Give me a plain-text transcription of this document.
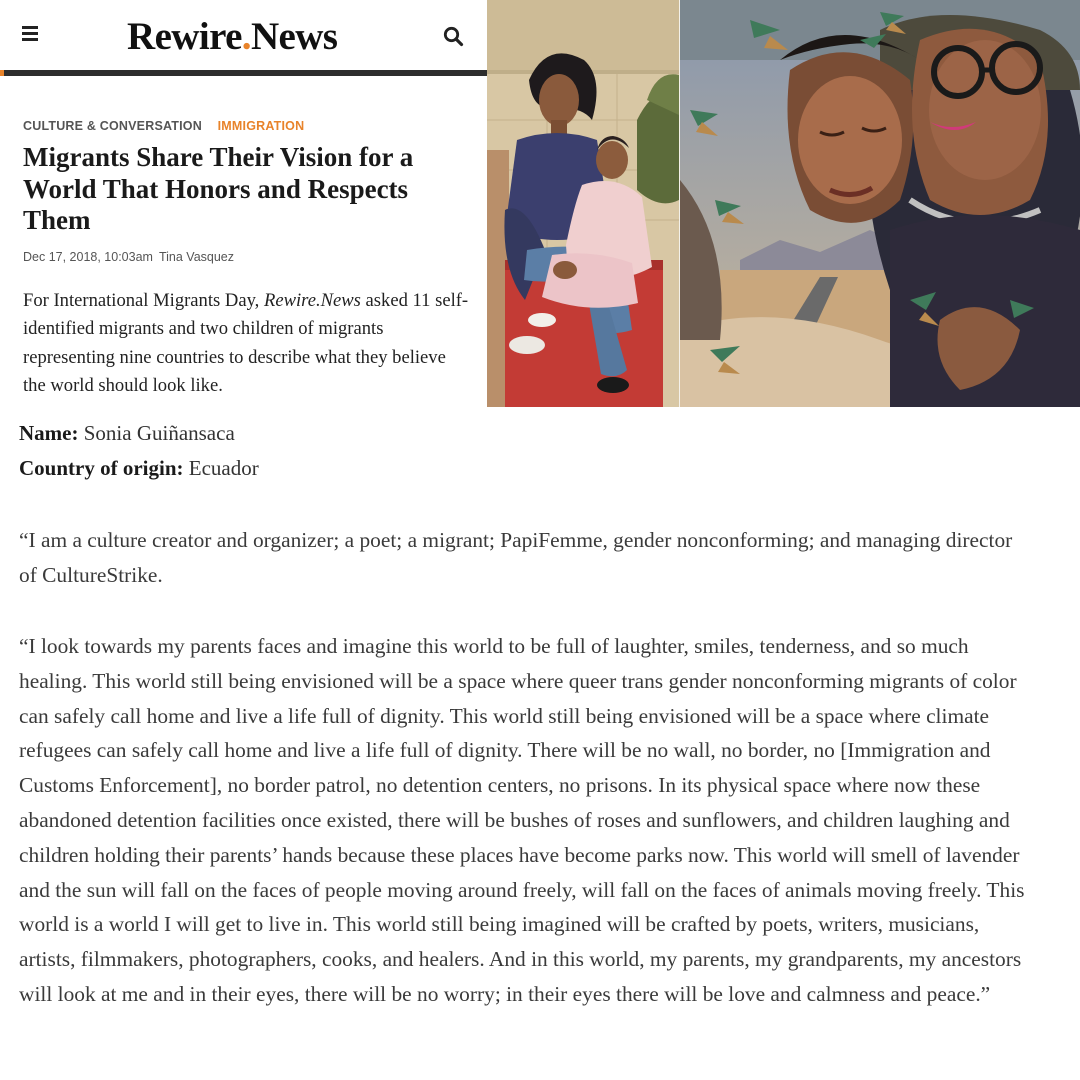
Rewire.News
CULTURE & CONVERSATION IMMIGRATION
Migrants Share Their Vision for a World That Honors and Respects Them
Dec 17, 2018, 10:03am Tina Vasquez

For International Migrants Day, Rewire.News asked 11 self-identified migrants and two children of migrants representing nine countries to describe what they believe the world should look like.

Name: Sonia Guiñansaca
Country of origin: Ecuador

“I am a culture creator and organizer; a poet; a migrant; PapiFemme, gender nonconforming; and managing director of CultureStrike.

“I look towards my parents faces and imagine this world to be full of laughter, smiles, tenderness, and so much healing. This world still being envisioned will be a space where queer trans gender nonconforming migrants of color can safely call home and live a life full of dignity. This world still being envisioned will be a space where climate refugees can safely call home and live a life full of dignity. There will be no wall, no border, no [Immigration and Customs Enforcement], no border patrol, no detention centers, no prisons. In its physical space where now these abandoned detention facilities once existed, there will be bushes of roses and sunflowers, and children laughing and children holding their parents’ hands because these places have become parks now. This world will smell of lavender and the sun will fall on the faces of people moving around freely, will fall on the faces of animals moving freely. This world is a world I will get to live in. This world still being imagined will be crafted by poets, writers, musicians, artists, filmmakers, photographers, cooks, and healers. And in this world, my parents, my grandparents, my ancestors will look at me and in their eyes, there will be no worry; in their eyes there will be love and calmness and peace.”
